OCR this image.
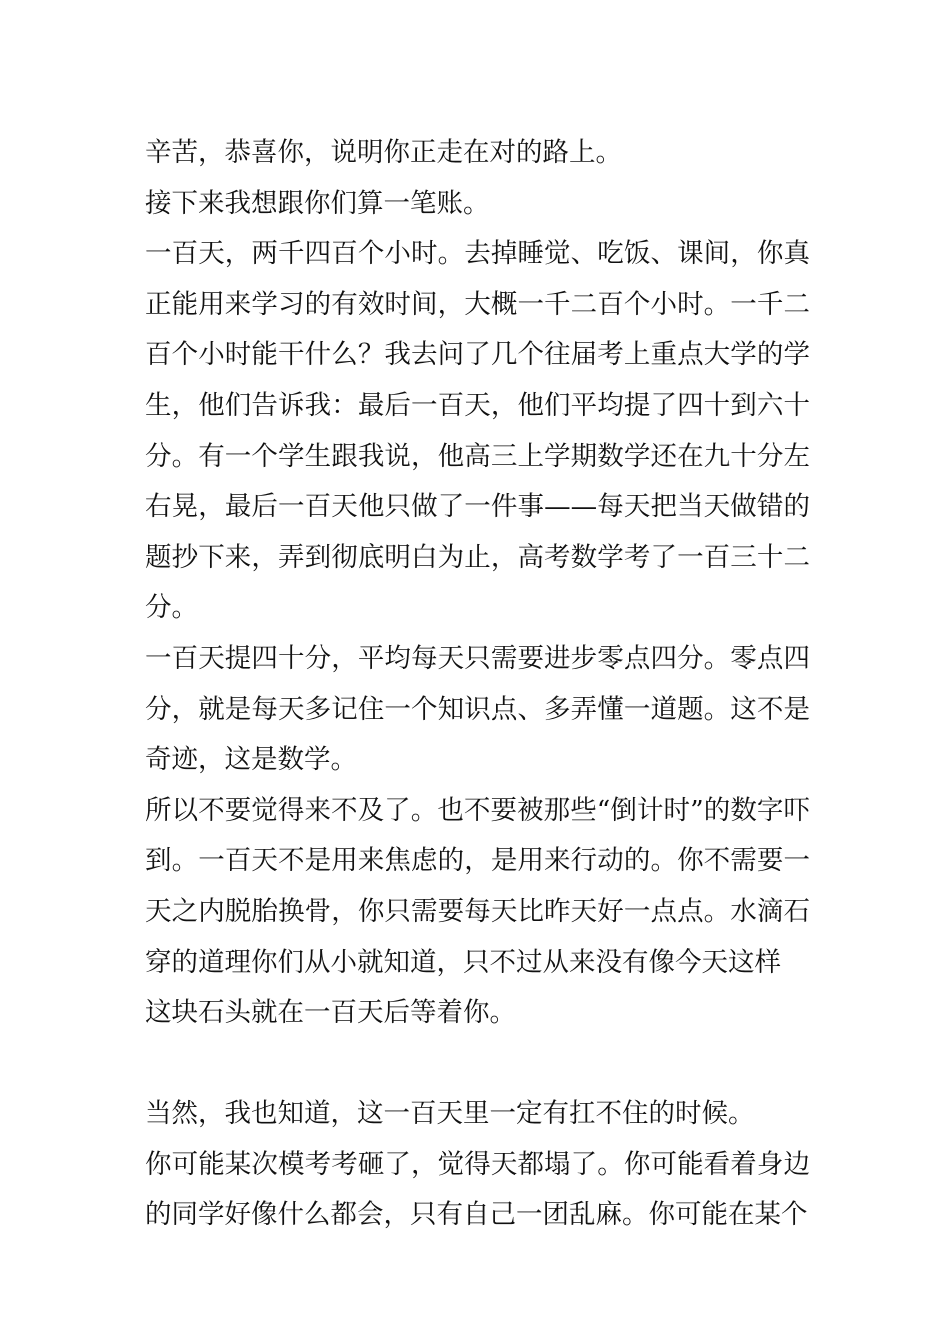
辛苦，恭喜你，说明你正走在对的路上。

接下来我想跟你们算一笔账。

一百天，两千四百个小时。去掉睡觉、吃饭、课间，你真正能用来学习的有效时间，大概一千二百个小时。一千二百个小时能干什么？我去问了几个往届考上重点大学的学生，他们告诉我：最后一百天，他们平均提了四十到六十分。有一个学生跟我说，他高三上学期数学还在九十分左右晃，最后一百天他只做了一件事——每天把当天做错的题抄下来，弄到彻底明白为止，高考数学考了一百三十二分。

一百天提四十分，平均每天只需要进步零点四分。零点四分，就是每天多记住一个知识点、多弄懂一道题。这不是奇迹，这是数学。

所以不要觉得来不及了。也不要被那些“倒计时”的数字吓到。一百天不是用来焦虑的，是用来行动的。你不需要一天之内脱胎换骨，你只需要每天比昨天好一点点。水滴石穿的道理你们从小就知道，只不过从来没有像今天这样

这块石头就在一百天后等着你。

当然，我也知道，这一百天里一定有扛不住的时候。

你可能某次模考考砸了，觉得天都塌了。你可能看着身边的同学好像什么都会，只有自己一团乱麻。你可能在某个
